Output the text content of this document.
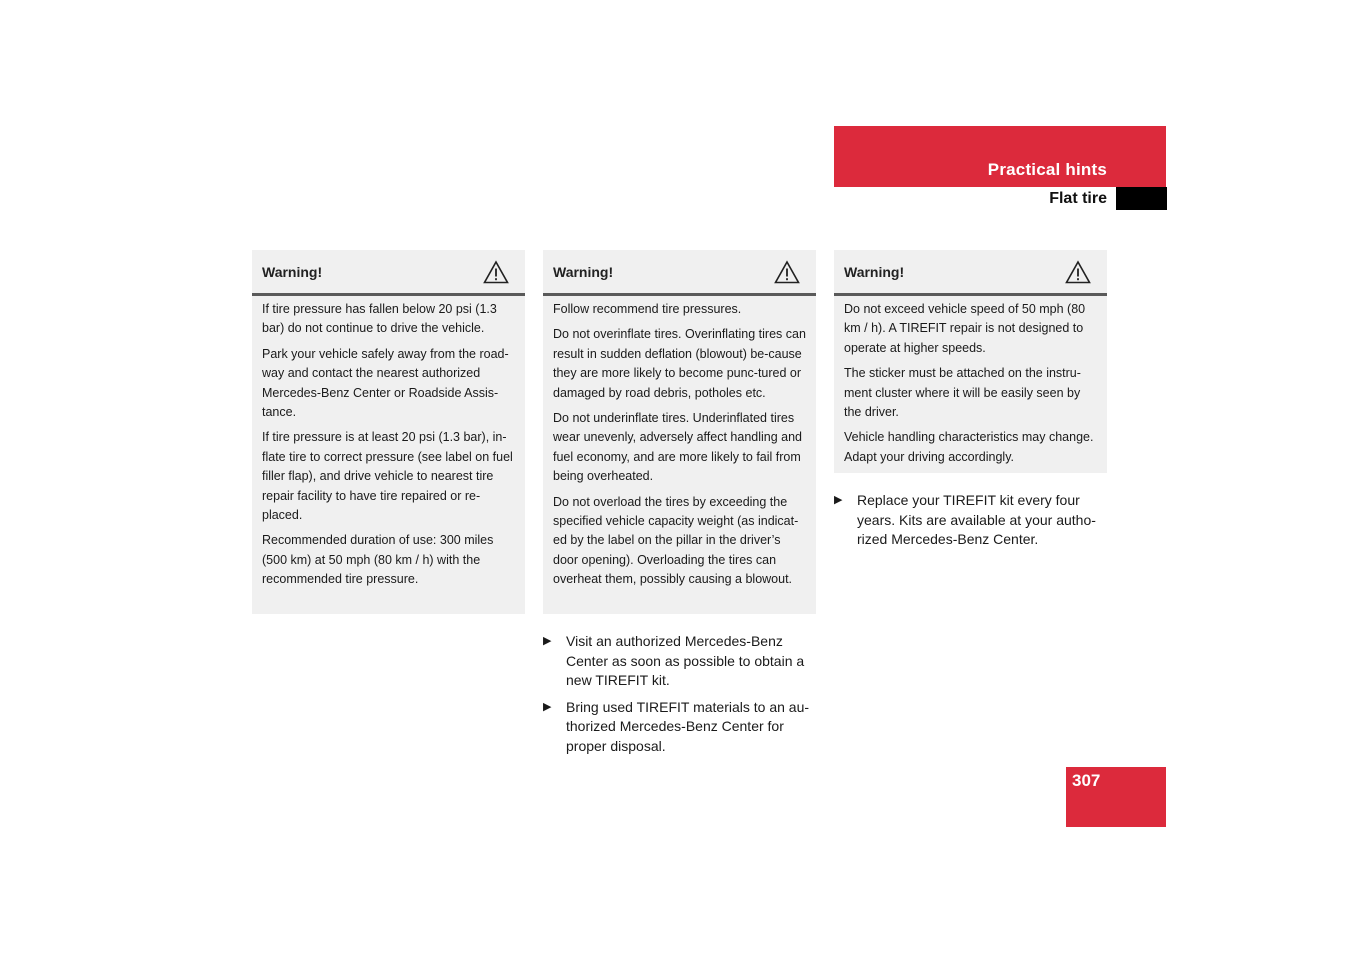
Practical hints
Flat tire
Warning!

If tire pressure has fallen below 20 psi (1.3 bar) do not continue to drive the vehicle.

Park your vehicle safely away from the road-way and contact the nearest authorized Mercedes-Benz Center or Roadside Assis-tance.

If tire pressure is at least 20 psi (1.3 bar), in-flate tire to correct pressure (see label on fuel filler flap), and drive vehicle to nearest tire repair facility to have tire repaired or re-placed.

Recommended duration of use: 300 miles (500 km) at 50 mph (80 km / h) with the recommended tire pressure.

Warning!

Follow recommend tire pressures.

Do not overinflate tires. Overinflating tires can result in sudden deflation (blowout) be-cause they are more likely to become punc-tured or damaged by road debris, potholes etc.

Do not underinflate tires. Underinflated tires wear unevenly, adversely affect handling and fuel economy, and are more likely to fail from being overheated.

Do not overload the tires by exceeding the specified vehicle capacity weight (as indicat-ed by the label on the pillar in the driver’s door opening). Overloading the tires can overheat them, possibly causing a blowout.

▶ Visit an authorized Mercedes-Benz Center as soon as possible to obtain a new TIREFIT kit.
▶ Bring used TIREFIT materials to an au-thorized Mercedes-Benz Center for proper disposal.
Warning!

Do not exceed vehicle speed of 50 mph (80 km / h). A TIREFIT repair is not designed to operate at higher speeds.

The sticker must be attached on the instru-ment cluster where it will be easily seen by the driver.

Vehicle handling characteristics may change. Adapt your driving accordingly.

▶ Replace your TIREFIT kit every four years. Kits are available at your autho-rized Mercedes-Benz Center.
307
